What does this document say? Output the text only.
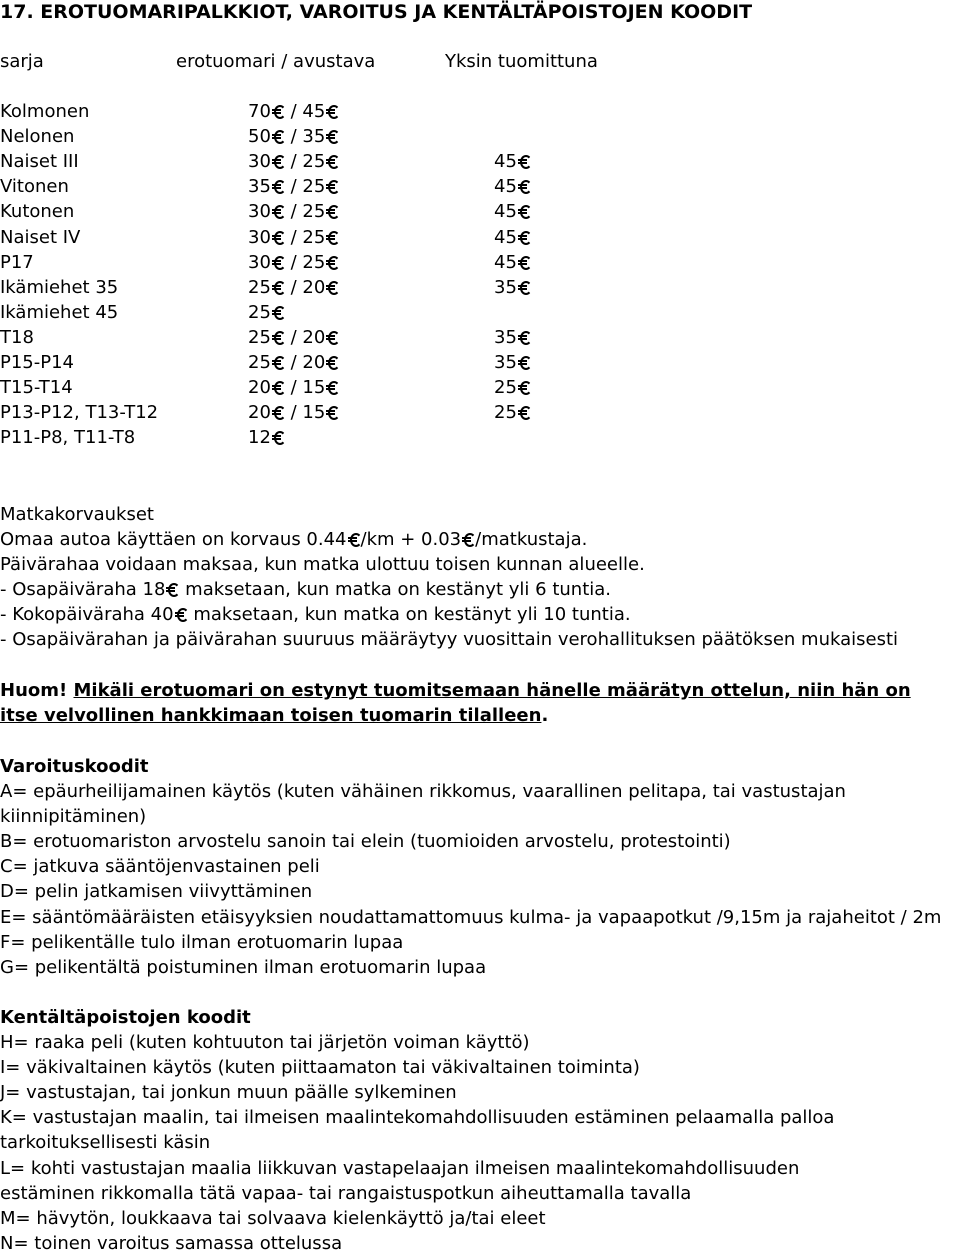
17. EROTUOMARIPALKKIOT, VAROITUS JA KENTÄLTÄPOISTOJEN KOODIT
sarja	erotuomari / avustava	Yksin tuomittuna
Kolmonen	70 / 45
Nelonen	50 / 35
Naiset III	30 / 25	45
Vitonen	35 / 25	45
Kutonen	30 / 25	45
Naiset IV	30 / 25	45
P17	30 / 25	45
Ikämiehet 35	25 / 20	35
Ikämiehet 45	25
T18	25 / 20	35
P15-P14	25 / 20	35
T15-T14	20 / 15	25
P13-P12, T13-T12	20 / 15	25
P11-P8, T11-T8	12
Matkakorvaukset
Omaa autoa käyttäen on korvaus 0.44 /km + 0.03 /matkustaja.
Päivärahaa voidaan maksaa, kun matka ulottuu toisen kunnan alueelle.
- Osapäiväraha 18 maksetaan, kun matka on kestänyt yli 6 tuntia.
- Kokopäiväraha 40 maksetaan, kun matka on kestänyt yli 10 tuntia.
- Osapäivärahan ja päivärahan suuruus määräytyy vuosittain verohallituksen päätöksen mukaisesti
Huom! Mikäli erotuomari on estynyt tuomitsemaan hänelle määrätyn ottelun, niin hän on
itse velvollinen hankkimaan toisen tuomarin tilalleen.
Varoituskoodit
A= epäurheilijamainen käytös (kuten vähäinen rikkomus, vaarallinen pelitapa, tai vastustajan
kiinnipitäminen)
B= erotuomariston arvostelu sanoin tai elein (tuomioiden arvostelu, protestointi)
C= jatkuva sääntöjenvastainen peli
D= pelin jatkamisen viivyttäminen
E= sääntömääräisten etäisyyksien noudattamattomuus kulma- ja vapaapotkut /9,15m ja rajaheitot / 2m
F= pelikentälle tulo ilman erotuomarin lupaa
G= pelikentältä poistuminen ilman erotuomarin lupaa
Kentältäpoistojen koodit
H= raaka peli (kuten kohtuuton tai järjetön voiman käyttö)
I= väkivaltainen käytös (kuten piittaamaton tai väkivaltainen toiminta)
J= vastustajan, tai jonkun muun päälle sylkeminen
K= vastustajan maalin, tai ilmeisen maalintekomahdollisuuden estäminen pelaamalla palloa
tarkoituksellisesti käsin
L= kohti vastustajan maalia liikkuvan vastapelaajan ilmeisen maalintekomahdollisuuden
estäminen rikkomalla tätä vapaa- tai rangaistuspotkun aiheuttamalla tavalla
M= hävytön, loukkaava tai solvaava kielenkäyttö ja/tai eleet
N= toinen varoitus samassa ottelussa
